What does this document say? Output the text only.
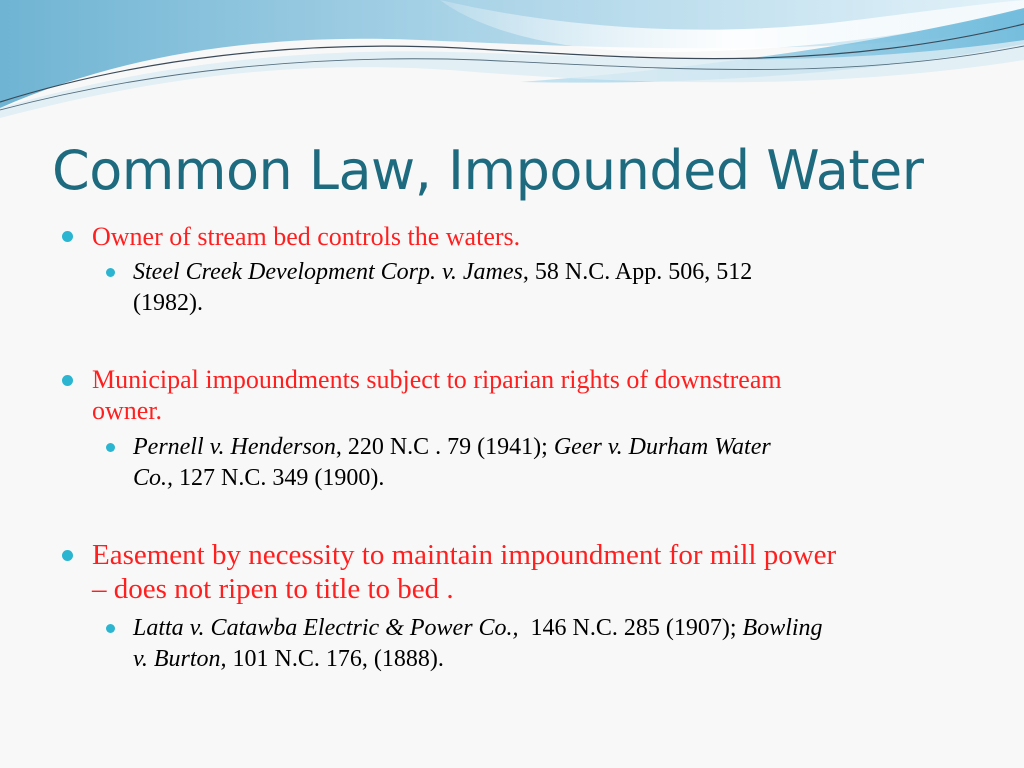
Common Law, Impounded Water

Owner of stream bed controls the waters.

Steel Creek Development Corp. v. James, 58 N.C. App. 506, 512
(1982).

Municipal impoundments subject to riparian rights of downstream

owner.

Pernell v. Henderson, 220 N.C . 79 (1941); Geer v. Durham Water
Co., 127 N.C. 349 (1900).

Easement by necessity to maintain impoundment for mill power

– does not ripen to title to bed .

Latta v. Catawba Electric & Power Co.,  146 N.C. 285 (1907); Bowling
v. Burton, 101 N.C. 176, (1888).
